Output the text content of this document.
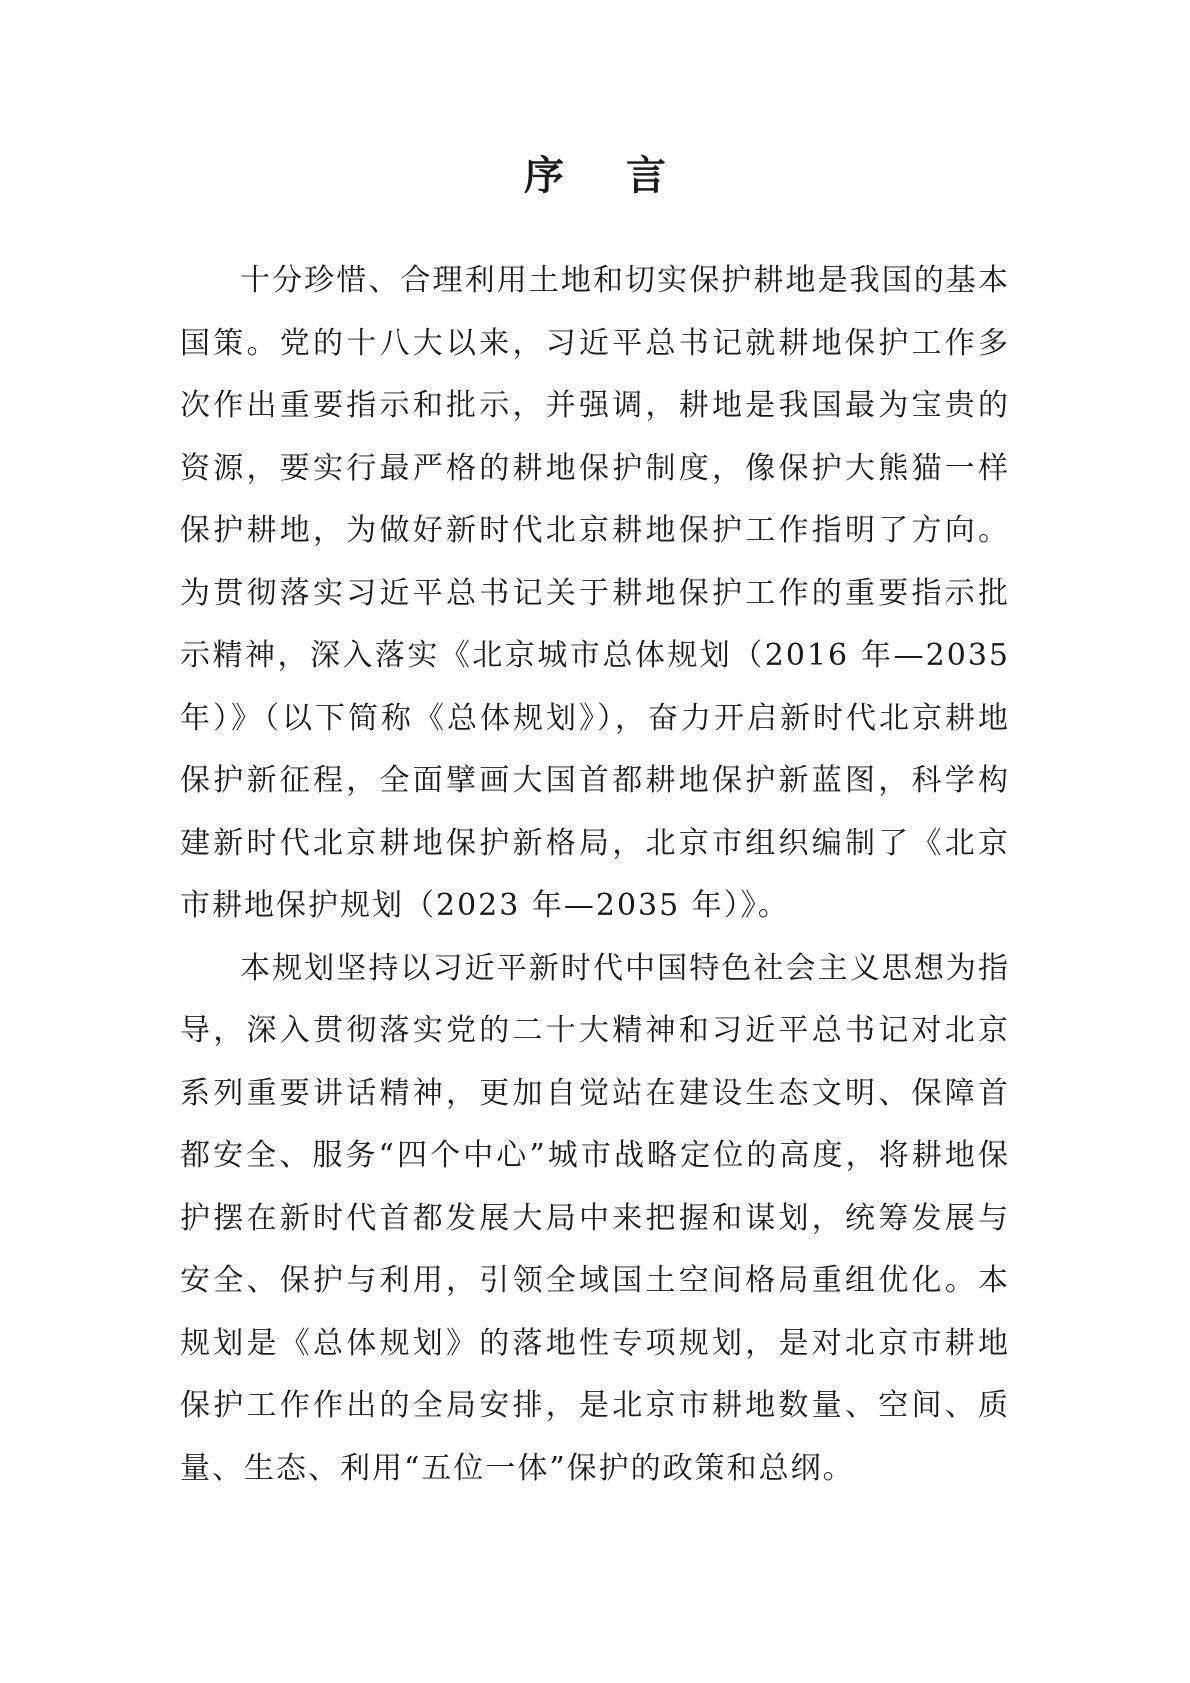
序 言

十分珍惜、合理利用土地和切实保护耕地是我国的基本国策。党的十八大以来，习近平总书记就耕地保护工作多次作出重要指示和批示，并强调，耕地是我国最为宝贵的资源，要实行最严格的耕地保护制度，像保护大熊猫一样保护耕地，为做好新时代北京耕地保护工作指明了方向。为贯彻落实习近平总书记关于耕地保护工作的重要指示批示精神，深入落实《北京城市总体规划（2016 年—2035 年）》（以下简称《总体规划》），奋力开启新时代北京耕地保护新征程，全面擘画大国首都耕地保护新蓝图，科学构建新时代北京耕地保护新格局，北京市组织编制了《北京市耕地保护规划（2023 年—2035 年）》。

本规划坚持以习近平新时代中国特色社会主义思想为指导，深入贯彻落实党的二十大精神和习近平总书记对北京系列重要讲话精神，更加自觉站在建设生态文明、保障首都安全、服务“四个中心”城市战略定位的高度，将耕地保护摆在新时代首都发展大局中来把握和谋划，统筹发展与安全、保护与利用，引领全域国土空间格局重组优化。本规划是《总体规划》的落地性专项规划，是对北京市耕地保护工作作出的全局安排，是北京市耕地数量、空间、质量、生态、利用“五位一体”保护的政策和总纲。
